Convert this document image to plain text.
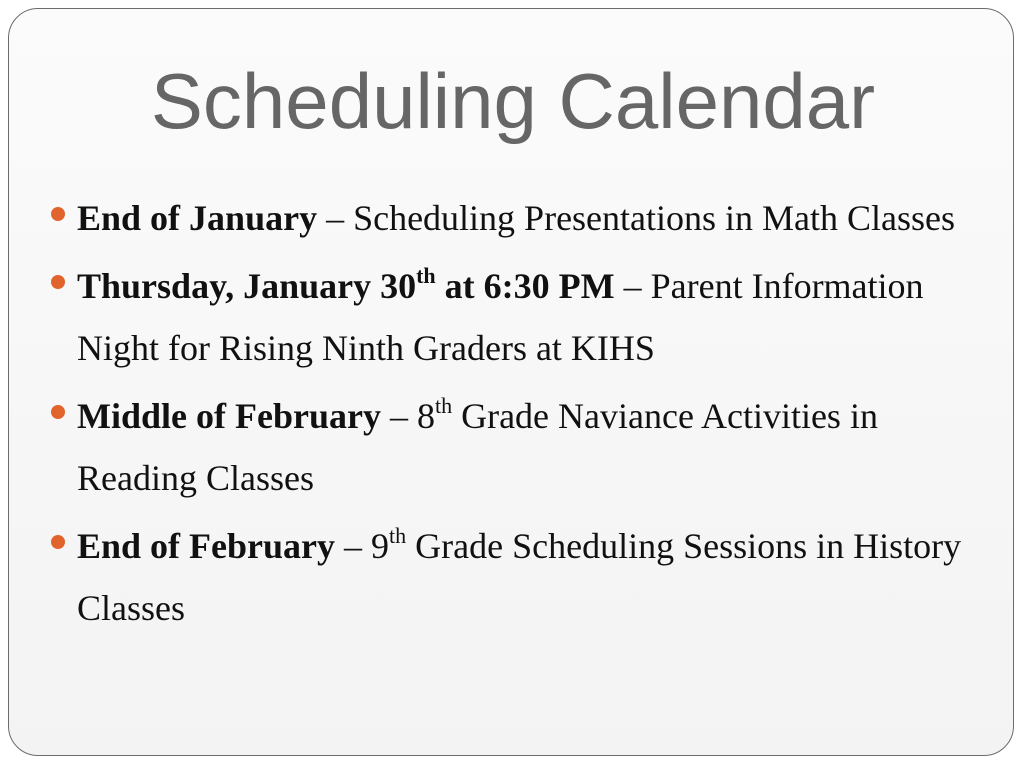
Scheduling Calendar
End of January – Scheduling Presentations in Math Classes
Thursday, January 30th at 6:30 PM – Parent Information Night for Rising Ninth Graders at KIHS
Middle of February – 8th Grade Naviance Activities in Reading Classes
End of February – 9th Grade Scheduling Sessions in History Classes
